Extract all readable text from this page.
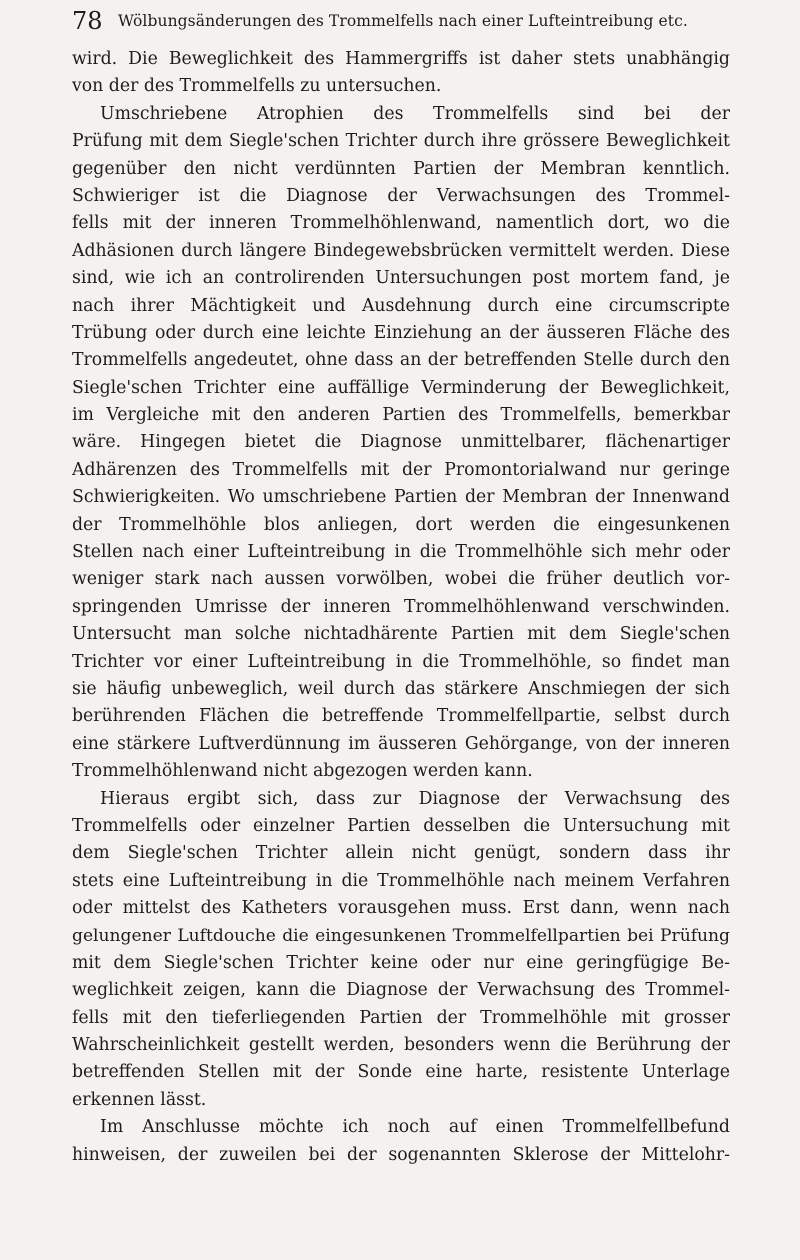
78 Wölbungsänderungen des Trommelfells nach einer Lufteintreibung etc.
wird. Die Beweglichkeit des Hammergriffs ist daher stets unabhängig
von der des Trommelfells zu untersuchen.
Umschriebene Atrophien des Trommelfells sind bei der
Prüfung mit dem Siegle'schen Trichter durch ihre grössere Beweglichkeit
gegenüber den nicht verdünnten Partien der Membran kenntlich.
Schwieriger ist die Diagnose der Verwachsungen des Trommel-
fells mit der inneren Trommelhöhlenwand, namentlich dort, wo die
Adhäsionen durch längere Bindegewebsbrücken vermittelt werden. Diese
sind, wie ich an controlirenden Untersuchungen post mortem fand, je
nach ihrer Mächtigkeit und Ausdehnung durch eine circumscripte
Trübung oder durch eine leichte Einziehung an der äusseren Fläche des
Trommelfells angedeutet, ohne dass an der betreffenden Stelle durch den
Siegle'schen Trichter eine auffällige Verminderung der Beweglichkeit,
im Vergleiche mit den anderen Partien des Trommelfells, bemerkbar
wäre. Hingegen bietet die Diagnose unmittelbarer, flächenartiger
Adhärenzen des Trommelfells mit der Promontorialwand nur geringe
Schwierigkeiten. Wo umschriebene Partien der Membran der Innenwand
der Trommelhöhle blos anliegen, dort werden die eingesunkenen
Stellen nach einer Lufteintreibung in die Trommelhöhle sich mehr oder
weniger stark nach aussen vorwölben, wobei die früher deutlich vor-
springenden Umrisse der inneren Trommelhöhlenwand verschwinden.
Untersucht man solche nichtadhärente Partien mit dem Siegle'schen
Trichter vor einer Lufteintreibung in die Trommelhöhle, so findet man
sie häufig unbeweglich, weil durch das stärkere Anschmiegen der sich
berührenden Flächen die betreffende Trommelfellpartie, selbst durch
eine stärkere Luftverdünnung im äusseren Gehörgange, von der inneren
Trommelhöhlenwand nicht abgezogen werden kann.
Hieraus ergibt sich, dass zur Diagnose der Verwachsung des
Trommelfells oder einzelner Partien desselben die Untersuchung mit
dem Siegle'schen Trichter allein nicht genügt, sondern dass ihr
stets eine Lufteintreibung in die Trommelhöhle nach meinem Verfahren
oder mittelst des Katheters vorausgehen muss. Erst dann, wenn nach
gelungener Luftdouche die eingesunkenen Trommelfellpartien bei Prüfung
mit dem Siegle'schen Trichter keine oder nur eine geringfügige Be-
weglichkeit zeigen, kann die Diagnose der Verwachsung des Trommel-
fells mit den tieferliegenden Partien der Trommelhöhle mit grosser
Wahrscheinlichkeit gestellt werden, besonders wenn die Berührung der
betreffenden Stellen mit der Sonde eine harte, resistente Unterlage
erkennen lässt.
Im Anschlusse möchte ich noch auf einen Trommelfellbefund
hinweisen, der zuweilen bei der sogenannten Sklerose der Mittelohr-
